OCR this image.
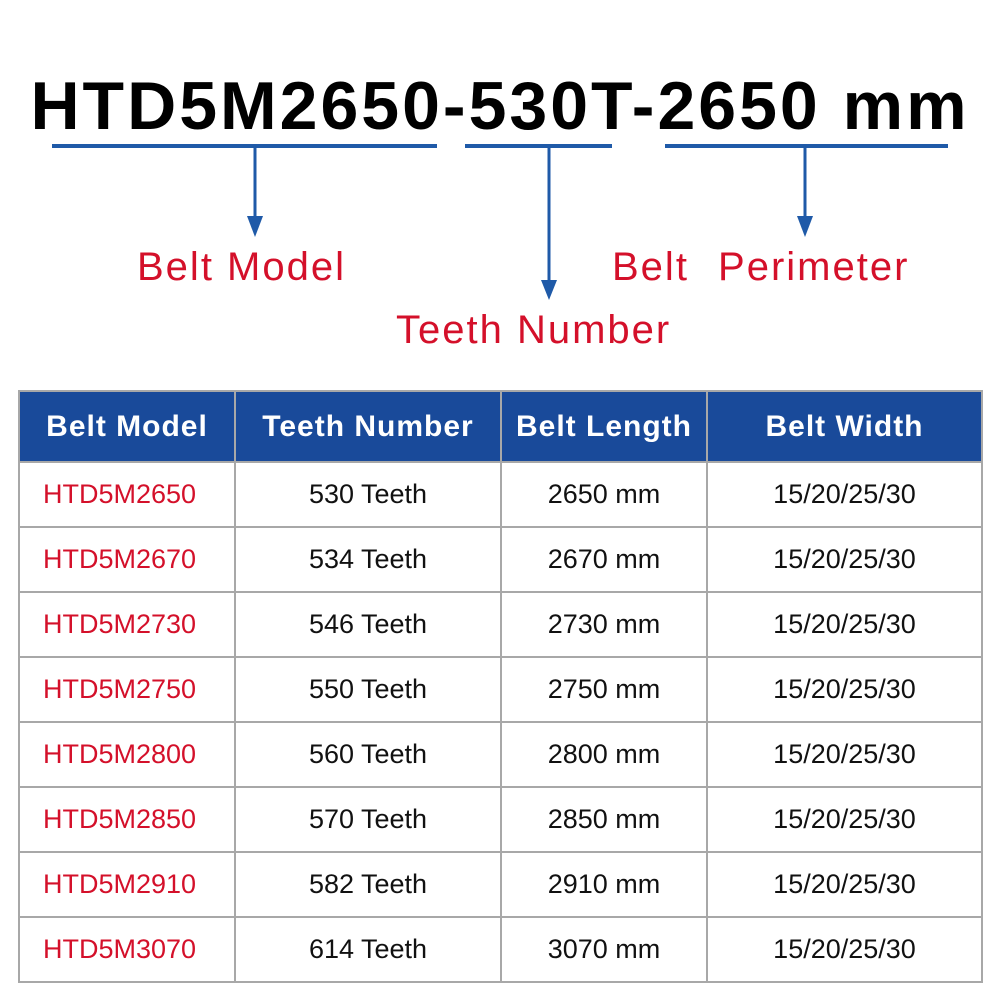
HTD5M2650-530T-2650 mm
Belt Model	Belt Perimeter
Teeth Number
Belt Model	Teeth Number	Belt Length	Belt Width
HTD5M2650	530 Teeth	2650 mm	15/20/25/30
HTD5M2670	534 Teeth	2670 mm	15/20/25/30
HTD5M2730	546 Teeth	2730 mm	15/20/25/30
HTD5M2750	550 Teeth	2750 mm	15/20/25/30
HTD5M2800	560 Teeth	2800 mm	15/20/25/30
HTD5M2850	570 Teeth	2850 mm	15/20/25/30
HTD5M2910	582 Teeth	2910 mm	15/20/25/30
HTD5M3070	614 Teeth	3070 mm	15/20/25/30
